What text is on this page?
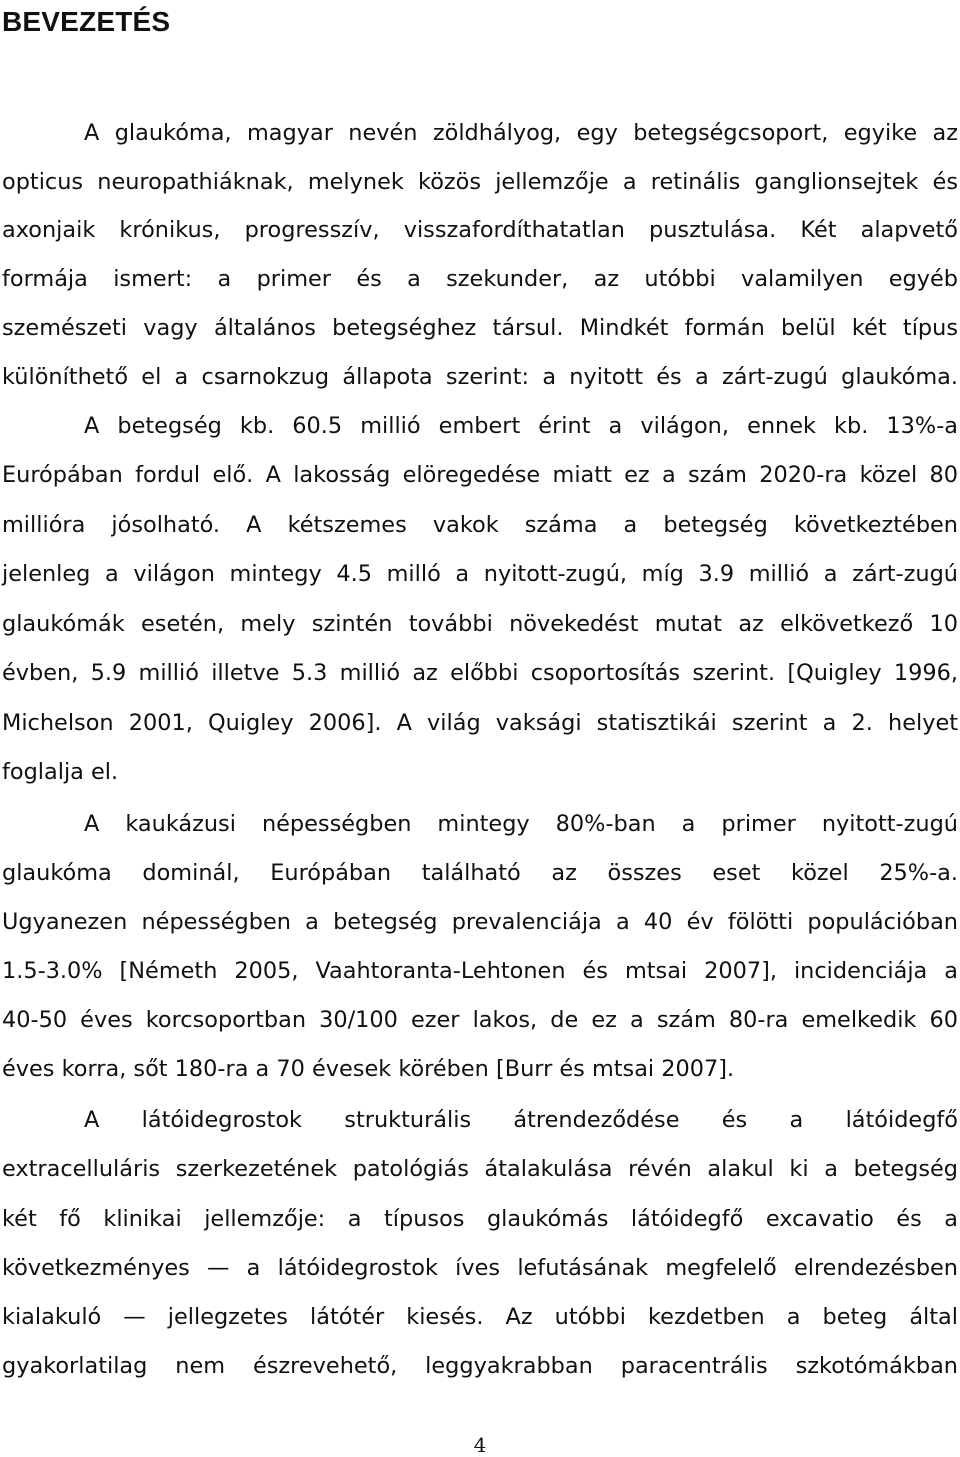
BEVEZETÉS

A glaukóma, magyar nevén zöldhályog, egy betegségcsoport, egyike az

opticus neuropathiáknak, melynek közös jellemzője a retinális ganglionsejtek és

axonjaik krónikus, progresszív, visszafordíthatatlan pusztulása. Két alapvető

formája ismert: a primer és a szekunder, az utóbbi valamilyen egyéb

szemészeti vagy általános betegséghez társul. Mindkét formán belül két típus

különíthető el a csarnokzug állapota szerint: a nyitott és a zárt-zugú glaukóma.

A betegség kb. 60.5 millió embert érint a világon, ennek kb. 13%-a

Európában fordul elő. A lakosság elöregedése miatt ez a szám 2020-ra közel 80

millióra jósolható. A kétszemes vakok száma a betegség következtében

jelenleg a világon mintegy 4.5 milló a nyitott-zugú, míg 3.9 millió a zárt-zugú

glaukómák esetén, mely szintén további növekedést mutat az elkövetkező 10

évben, 5.9 millió illetve 5.3 millió az előbbi csoportosítás szerint. [Quigley 1996,

Michelson 2001, Quigley 2006]. A világ vaksági statisztikái szerint a 2. helyet

foglalja el.

A kaukázusi népességben mintegy 80%-ban a primer nyitott-zugú

glaukóma dominál, Európában található az összes eset közel 25%-a.

Ugyanezen népességben a betegség prevalenciája a 40 év fölötti populációban

1.5-3.0% [Németh 2005, Vaahtoranta-Lehtonen és mtsai 2007], incidenciája a

40-50 éves korcsoportban 30/100 ezer lakos, de ez a szám 80-ra emelkedik 60

éves korra, sőt 180-ra a 70 évesek körében [Burr és mtsai 2007].

A látóidegrostok strukturális átrendeződése és a látóidegfő

extracelluláris szerkezetének patológiás átalakulása révén alakul ki a betegség

két fő klinikai jellemzője: a típusos glaukómás látóidegfő excavatio és a

következményes — a látóidegrostok íves lefutásának megfelelő elrendezésben

kialakuló — jellegzetes látótér kiesés. Az utóbbi kezdetben a beteg által

gyakorlatilag nem észrevehető, leggyakrabban paracentrális szkotómákban

4
